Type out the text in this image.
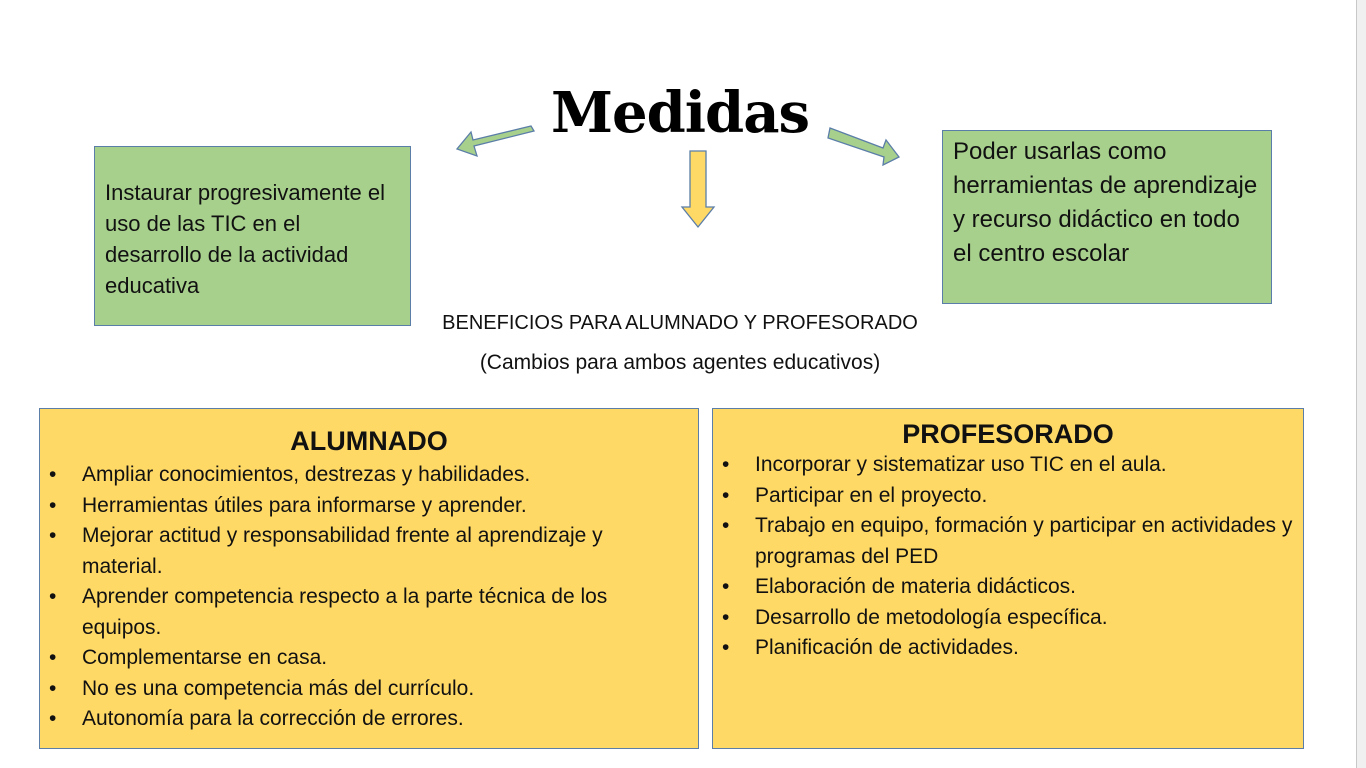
Medidas
Instaurar progresivamente el uso de las TIC en el desarrollo de la actividad educativa
Poder usarlas como herramientas de aprendizaje y recurso didáctico en todo el centro escolar
BENEFICIOS PARA ALUMNADO Y PROFESORADO
(Cambios para ambos agentes educativos)
ALUMNADO
• Ampliar conocimientos, destrezas y habilidades.
• Herramientas útiles para informarse y aprender.
• Mejorar actitud y responsabilidad frente al aprendizaje y material.
• Aprender competencia respecto a la parte técnica de los equipos.
• Complementarse en casa.
• No es una competencia más del currículo.
• Autonomía para la corrección de errores.
PROFESORADO
• Incorporar y sistematizar uso TIC en el aula.
• Participar en el proyecto.
• Trabajo en equipo, formación y participar en actividades y programas del PED
• Elaboración de materia didácticos.
• Desarrollo de metodología específica.
• Planificación de actividades.
